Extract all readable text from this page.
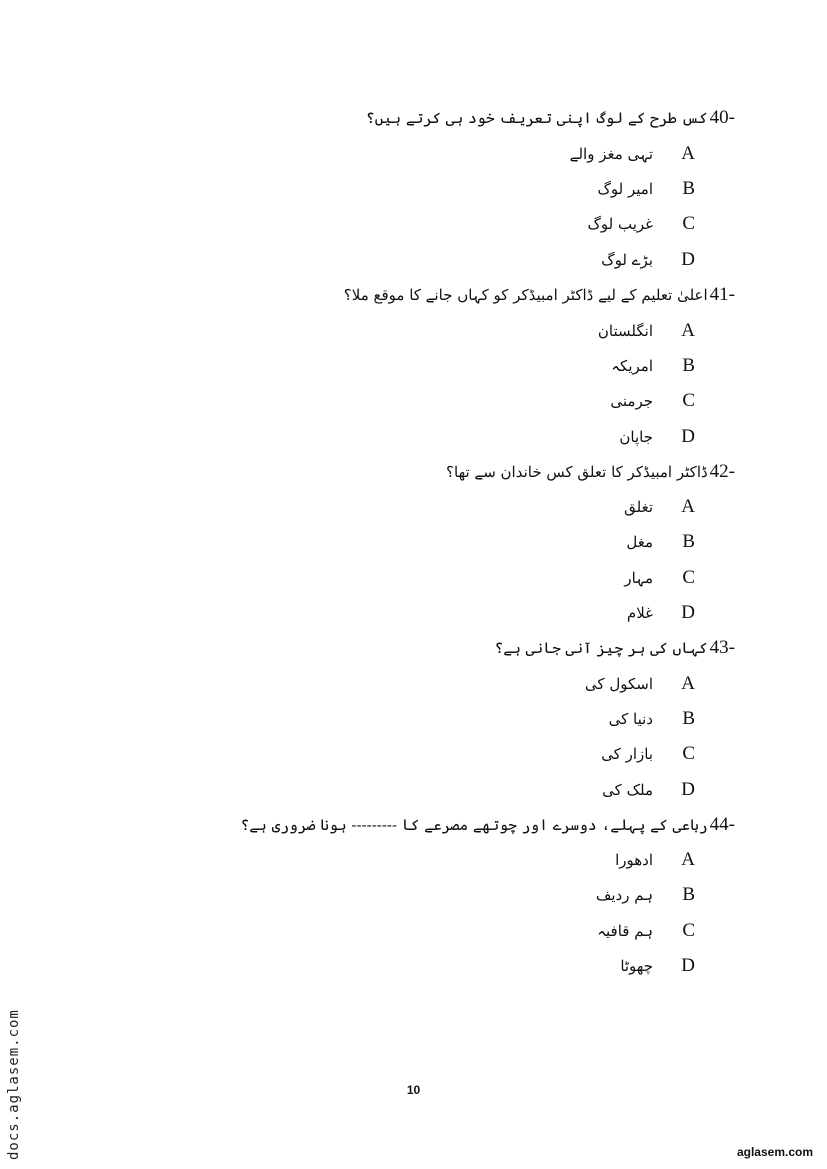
کس طرح کے لوگ اپنی تعریف خود ہی کرتے ہیں؟ 40-
تہی مغز والے	A
امیر لوگ	B
غریب لوگ	C
بڑے لوگ	D
اعلیٰ تعلیم کے لیے ڈاکٹر امبیڈکر کو کہاں جانے کا موقع ملا؟ 41-
انگلستان	A
امریکہ	B
جرمنی	C
جاپان	D
ڈاکٹر امبیڈکر کا تعلق کس خاندان سے تھا؟ 42-
تغلق	A
مغل	B
مہار	C
غلام	D
کہاں کی ہر چیز آنی جانی ہے؟ 43-
اسکول کی	A
دنیا کی	B
بازار کی	C
ملک کی	D
رباعی کے پہلے، دوسرے اور چوتھے مصرعے کا --------- ہونا ضروری ہے؟ 44-
ادھورا	A
ہم ردیف	B
ہم قافیہ	C
چھوٹا	D
10
docs.aglasem.com	aglasem.com
